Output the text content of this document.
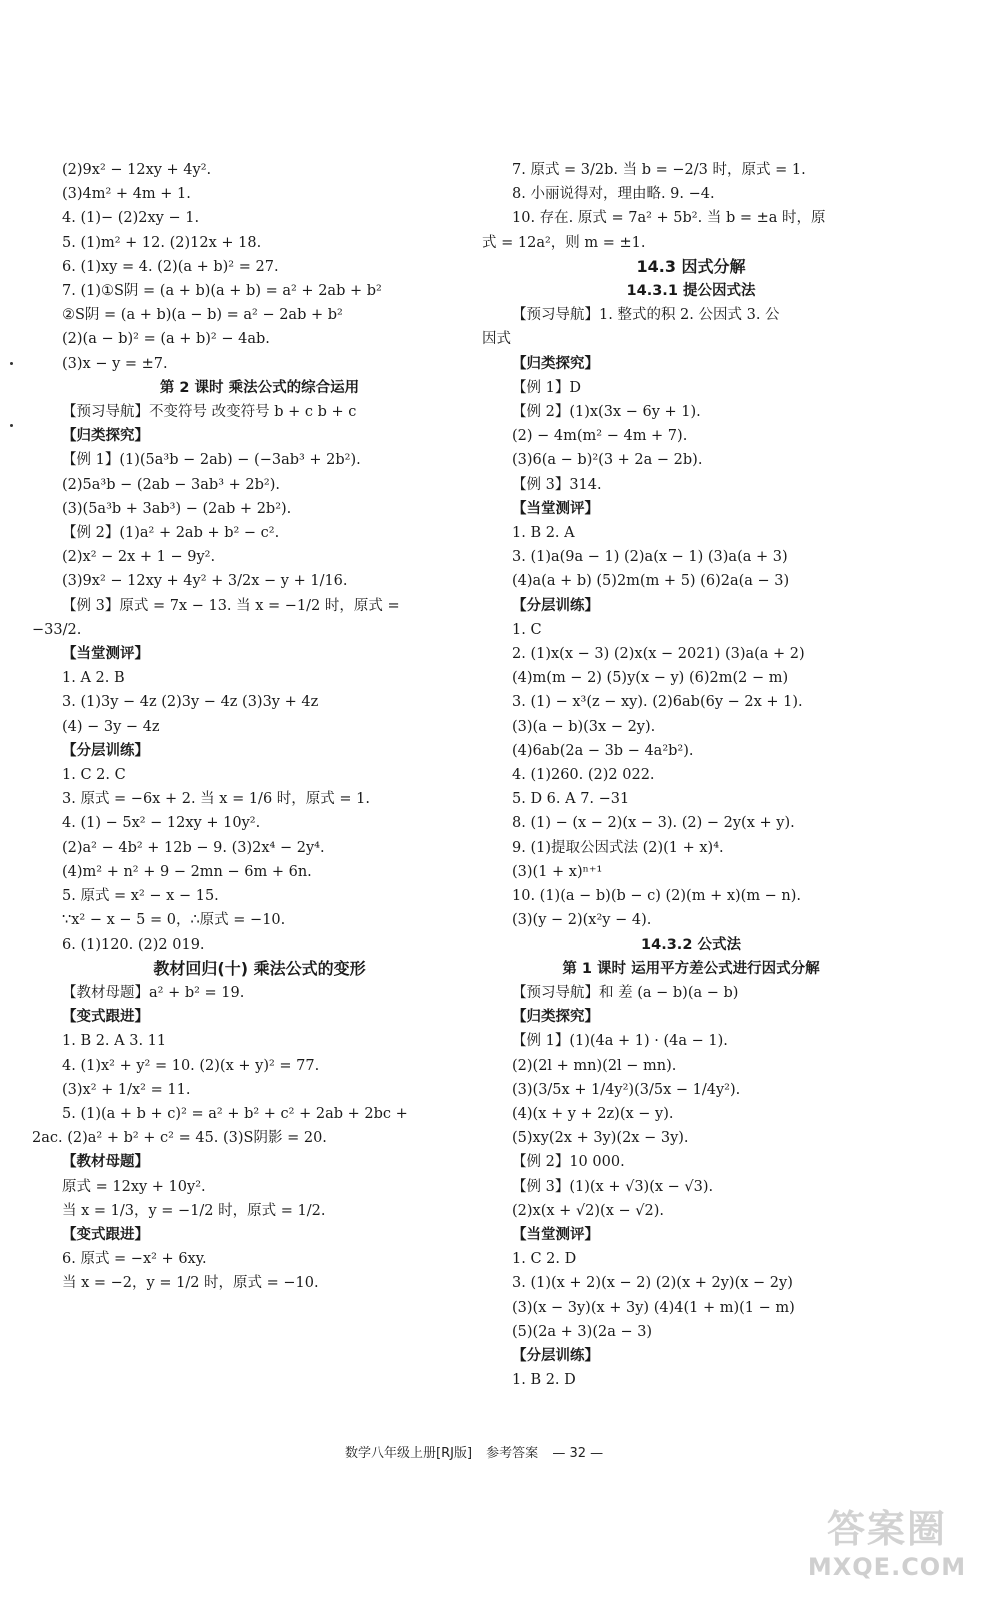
(2)9x² − 12xy + 4y².
(3)4m² + 4m + 1.
4. (1)− (2)2xy − 1.
5. (1)m² + 12. (2)12x + 18.
6. (1)xy = 4. (2)(a + b)² = 27.
7. (1)①S阴 = (a + b)(a + b) = a² + 2ab + b²
②S阴 = (a + b)(a − b) = a² − 2ab + b²
(2)(a − b)² = (a + b)² − 4ab.
(3)x − y = ±7.
第 2 课时 乘法公式的综合运用
【预习导航】不变符号 改变符号 b + c b + c
【归类探究】
【例 1】(1)(5a³b − 2ab) − (−3ab³ + 2b²).
(2)5a³b − (2ab − 3ab³ + 2b²).
(3)(5a³b + 3ab³) − (2ab + 2b²).
【例 2】(1)a² + 2ab + b² − c².
(2)x² − 2x + 1 − 9y².
(3)9x² − 12xy + 4y² + 3/2x − y + 1/16.
【例 3】原式 = 7x − 13. 当 x = −1/2 时，原式 =
−33/2.
【当堂测评】
1. A 2. B
3. (1)3y − 4z (2)3y − 4z (3)3y + 4z
(4) − 3y − 4z
【分层训练】
1. C 2. C
3. 原式 = −6x + 2. 当 x = 1/6 时，原式 = 1.
4. (1) − 5x² − 12xy + 10y².
(2)a² − 4b² + 12b − 9. (3)2x⁴ − 2y⁴.
(4)m² + n² + 9 − 2mn − 6m + 6n.
5. 原式 = x² − x − 15.
∵x² − x − 5 = 0，∴原式 = −10.
6. (1)120. (2)2 019.
教材回归(十) 乘法公式的变形
【教材母题】a² + b² = 19.
【变式跟进】
1. B 2. A 3. 11
4. (1)x² + y² = 10. (2)(x + y)² = 77.
(3)x² + 1/x² = 11.
5. (1)(a + b + c)² = a² + b² + c² + 2ab + 2bc +
2ac. (2)a² + b² + c² = 45. (3)S阴影 = 20.
【教材母题】
原式 = 12xy + 10y².
当 x = 1/3，y = −1/2 时，原式 = 1/2.
【变式跟进】
6. 原式 = −x² + 6xy.
当 x = −2，y = 1/2 时，原式 = −10.
7. 原式 = 3/2b. 当 b = −2/3 时，原式 = 1.
8. 小丽说得对，理由略. 9. −4.
10. 存在. 原式 = 7a² + 5b². 当 b = ±a 时，原
式 = 12a²，则 m = ±1.
14.3 因式分解
14.3.1 提公因式法
【预习导航】1. 整式的积 2. 公因式 3. 公
因式
【归类探究】
【例 1】D
【例 2】(1)x(3x − 6y + 1).
(2) − 4m(m² − 4m + 7).
(3)6(a − b)²(3 + 2a − 2b).
【例 3】314.
【当堂测评】
1. B 2. A
3. (1)a(9a − 1) (2)a(x − 1) (3)a(a + 3)
(4)a(a + b) (5)2m(m + 5) (6)2a(a − 3)
【分层训练】
1. C
2. (1)x(x − 3) (2)x(x − 2021) (3)a(a + 2)
(4)m(m − 2) (5)y(x − y) (6)2m(2 − m)
3. (1) − x³(z − xy). (2)6ab(6y − 2x + 1).
(3)(a − b)(3x − 2y).
(4)6ab(2a − 3b − 4a²b²).
4. (1)260. (2)2 022.
5. D 6. A 7. −31
8. (1) − (x − 2)(x − 3). (2) − 2y(x + y).
9. (1)提取公因式法 (2)(1 + x)⁴.
(3)(1 + x)ⁿ⁺¹
10. (1)(a − b)(b − c) (2)(m + x)(m − n).
(3)(y − 2)(x²y − 4).
14.3.2 公式法
第 1 课时 运用平方差公式进行因式分解
【预习导航】和 差 (a − b)(a − b)
【归类探究】
【例 1】(1)(4a + 1) · (4a − 1).
(2)(2l + mn)(2l − mn).
(3)(3/5x + 1/4y²)(3/5x − 1/4y²).
(4)(x + y + 2z)(x − y).
(5)xy(2x + 3y)(2x − 3y).
【例 2】10 000.
【例 3】(1)(x + √3)(x − √3).
(2)x(x + √2)(x − √2).
【当堂测评】
1. C 2. D
3. (1)(x + 2)(x − 2) (2)(x + 2y)(x − 2y)
(3)(x − 3y)(x + 3y) (4)4(1 + m)(1 − m)
(5)(2a + 3)(2a − 3)
【分层训练】
1. B 2. D
数学八年级上册[RJ版] 参考答案 — 32 —
答案圈
MXQE.COM
